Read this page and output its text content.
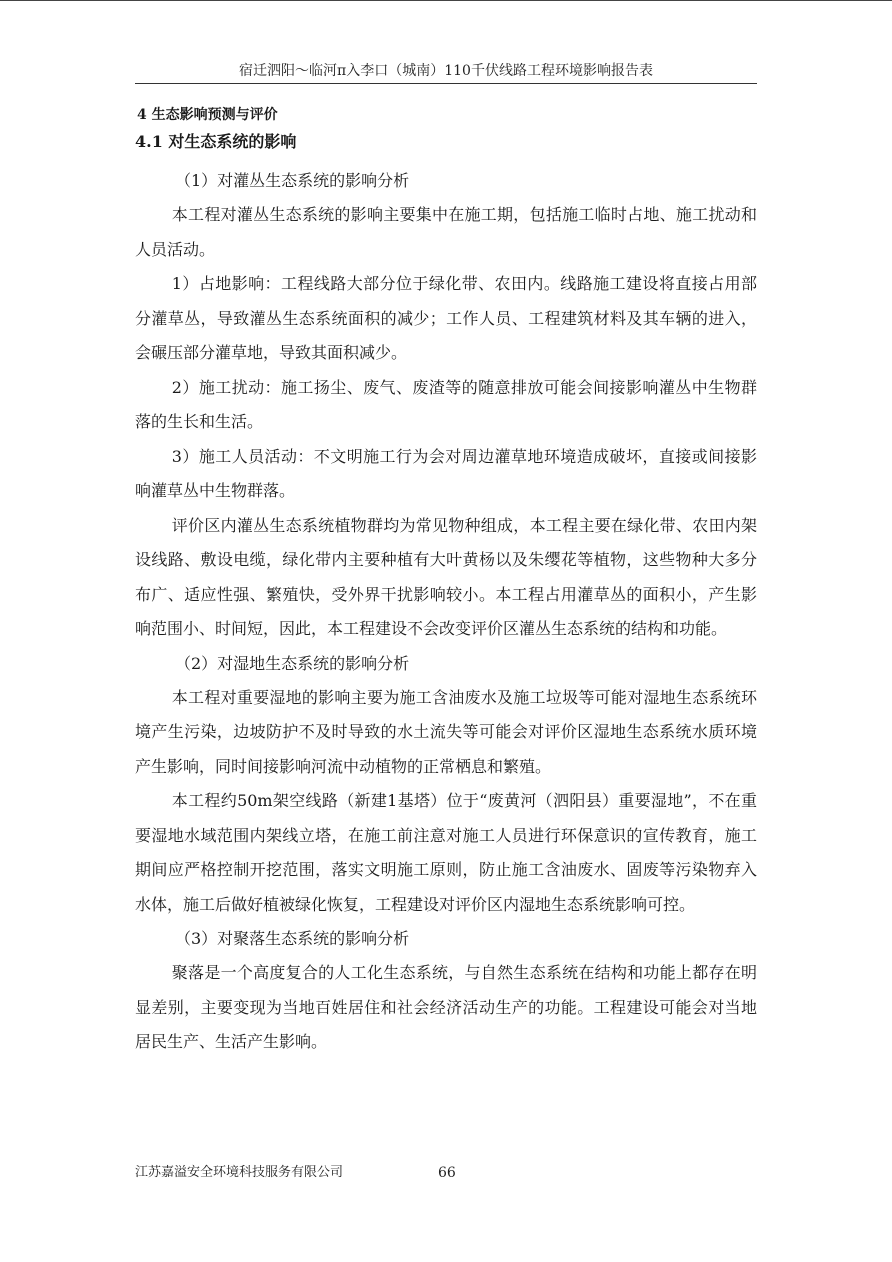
宿迁泗阳～临河π入李口（城南）110千伏线路工程环境影响报告表
4 生态影响预测与评价
4.1 对生态系统的影响

（1）对灌丛生态系统的影响分析

本工程对灌丛生态系统的影响主要集中在施工期，包括施工临时占地、施工扰动和人员活动。

1）占地影响：工程线路大部分位于绿化带、农田内。线路施工建设将直接占用部分灌草丛，导致灌丛生态系统面积的减少；工作人员、工程建筑材料及其车辆的进入，会碾压部分灌草地，导致其面积减少。

2）施工扰动：施工扬尘、废气、废渣等的随意排放可能会间接影响灌丛中生物群落的生长和生活。

3）施工人员活动：不文明施工行为会对周边灌草地环境造成破坏，直接或间接影响灌草丛中生物群落。

评价区内灌丛生态系统植物群均为常见物种组成，本工程主要在绿化带、农田内架设线路、敷设电缆，绿化带内主要种植有大叶黄杨以及朱缨花等植物，这些物种大多分布广、适应性强、繁殖快，受外界干扰影响较小。本工程占用灌草丛的面积小，产生影响范围小、时间短，因此，本工程建设不会改变评价区灌丛生态系统的结构和功能。

（2）对湿地生态系统的影响分析

本工程对重要湿地的影响主要为施工含油废水及施工垃圾等可能对湿地生态系统环境产生污染，边坡防护不及时导致的水土流失等可能会对评价区湿地生态系统水质环境产生影响，同时间接影响河流中动植物的正常栖息和繁殖。

本工程约50m架空线路（新建1基塔）位于“废黄河（泗阳县）重要湿地”，不在重要湿地水域范围内架线立塔，在施工前注意对施工人员进行环保意识的宣传教育，施工期间应严格控制开挖范围，落实文明施工原则，防止施工含油废水、固废等污染物弃入水体，施工后做好植被绿化恢复，工程建设对评价区内湿地生态系统影响可控。

（3）对聚落生态系统的影响分析

聚落是一个高度复合的人工化生态系统，与自然生态系统在结构和功能上都存在明显差别，主要变现为当地百姓居住和社会经济活动生产的功能。工程建设可能会对当地居民生产、生活产生影响。

江苏嘉溢安全环境科技服务有限公司	66
